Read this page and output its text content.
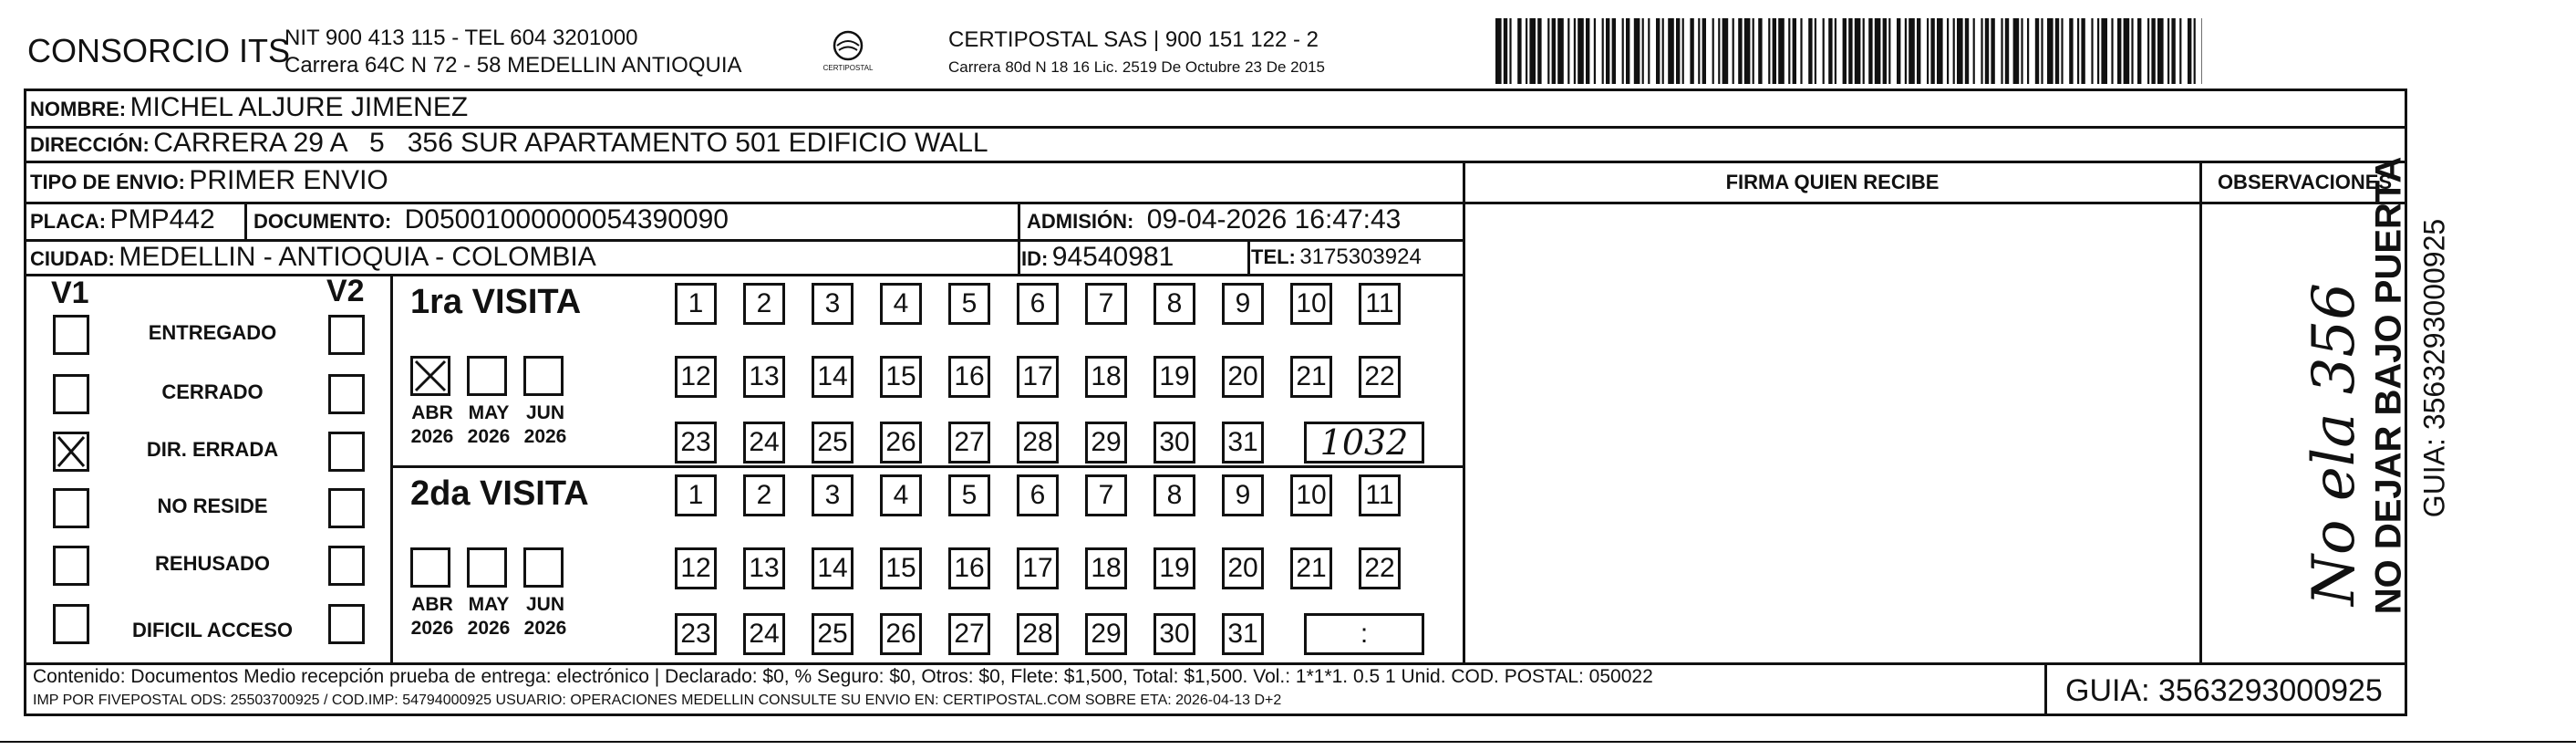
CONSORCIO ITS
NIT 900 413 115 - TEL 604 3201000
Carrera 64C N 72 - 58 MEDELLIN ANTIOQUIA	CERTIPOSTAL
CERTIPOSTAL SAS | 900 151 122 - 2
Carrera 80d N 18 16 Lic. 2519 De Octubre 23 De 2015
NOMBRE: MICHEL ALJURE JIMENEZ
DIRECCIÓN: CARRERA 29 A   5   356 SUR APARTAMENTO 501 EDIFICIO WALL
TIPO DE ENVIO: PRIMER ENVIO	FIRMA QUIEN RECIBE	OBSERVACIONES
PLACA: PMP442 DOCUMENTO: D05001000000054390090	ADMISIÓN: 09-04-2026 16:47:43
CIUDAD: MEDELLIN - ANTIOQUIA - COLOMBIA	ID: 94540981	TEL: 3175303924
V1	V2
ENTREGADO
CERRADO
DIR. ERRADA
NO RESIDE
REHUSADO
DIFICIL ACCESO
1ra VISITA
2da VISITA
ABR
2026
MAY
2026
JUN
2026
1	2	3	4	5	6	7	8	9	10 11
12 13 14 15 16 17 18 19 20 21 22
23 24 25 26 27 28 29 30 31	1032
ABR
2026
MAY
2026
JUN
2026
1	2	3	4	5	6	7	8	9	10 11
12 13 14 15 16 17 18 19 20 21 22
23 24 25 26 27 28 29 30 31	:
Contenido: Documentos Medio recepción prueba de entrega: electrónico | Declarado: $0, % Seguro: $0, Otros: $0, Flete: $1,500, Total: $1,500. Vol.: 1*1*1. 0.5 1 Unid. COD. POSTAL: 050022
IMP POR FIVEPOSTAL ODS: 25503700925 / COD.IMP: 54794000925 USUARIO: OPERACIONES MEDELLIN CONSULTE SU ENVIO EN: CERTIPOSTAL.COM SOBRE ETA: 2026-04-13 D+2	GUIA: 3563293000925
No ela 356 NO DEJAR BAJO PUERTA GUIA: 3563293000925
